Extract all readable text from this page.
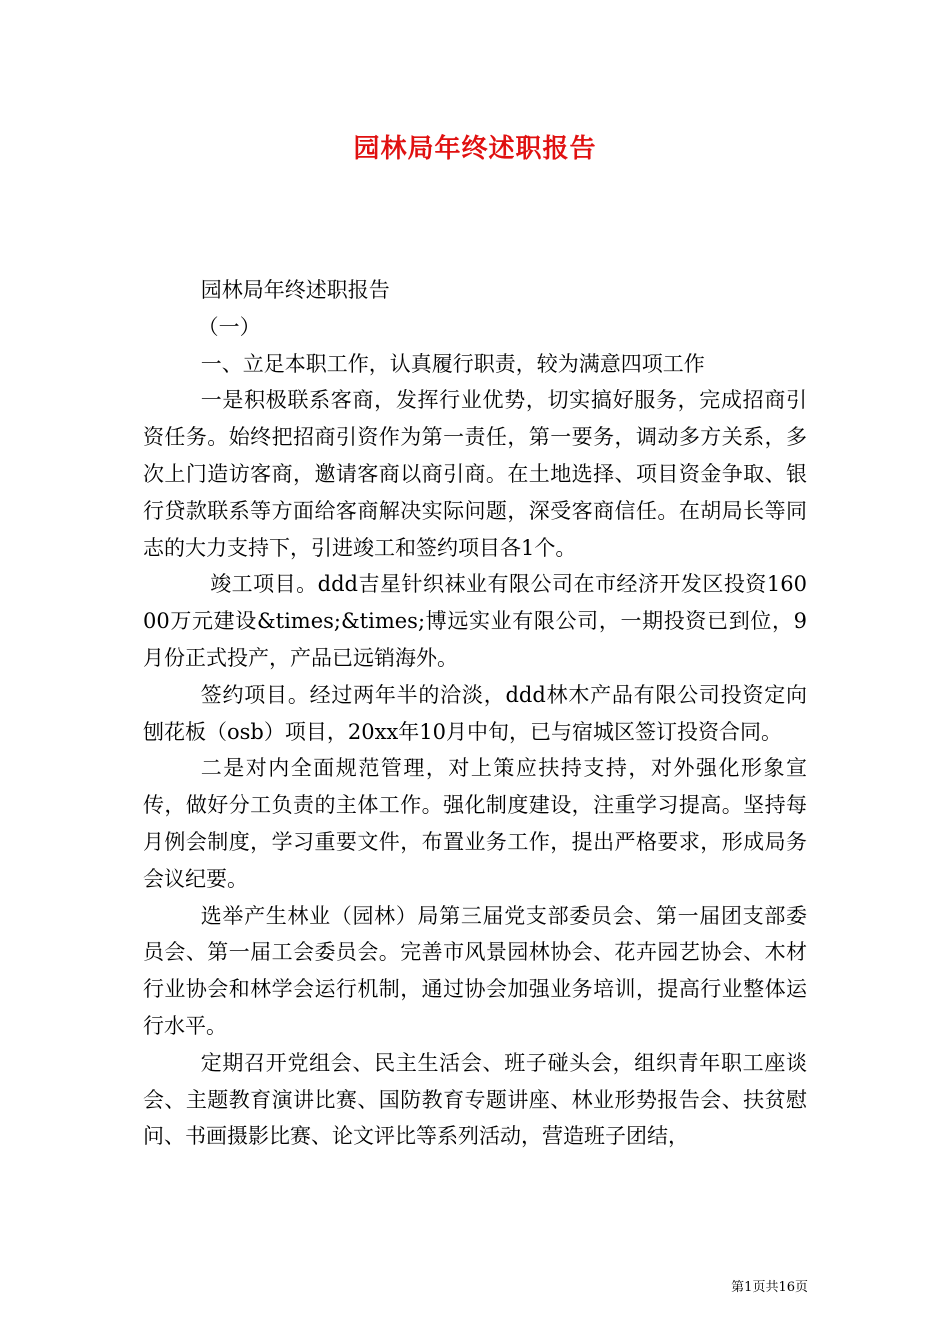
园林局年终述职报告

园林局年终述职报告

（一）

一、立足本职工作，认真履行职责，较为满意四项工作

一是积极联系客商，发挥行业优势，切实搞好服务，完成招商引资任务。始终把招商引资作为第一责任，第一要务，调动多方关系，多次上门造访客商，邀请客商以商引商。在土地选择、项目资金争取、银行贷款联系等方面给客商解决实际问题，深受客商信任。在胡局长等同志的大力支持下，引进竣工和签约项目各1个。

竣工项目。ddd吉星针织袜业有限公司在市经济开发区投资16000万元建设&times;&times;博远实业有限公司，一期投资已到位，9月份正式投产，产品已远销海外。

签约项目。经过两年半的洽淡，ddd林木产品有限公司投资定向刨花板（osb）项目，20xx年10月中旬，已与宿城区签订投资合同。

二是对内全面规范管理，对上策应扶持支持，对外强化形象宣传，做好分工负责的主体工作。强化制度建设，注重学习提高。坚持每月例会制度，学习重要文件，布置业务工作，提出严格要求，形成局务会议纪要。

选举产生林业（园林）局第三届党支部委员会、第一届团支部委员会、第一届工会委员会。完善市风景园林协会、花卉园艺协会、木材行业协会和林学会运行机制，通过协会加强业务培训，提高行业整体运行水平。

定期召开党组会、民主生活会、班子碰头会，组织青年职工座谈会、主题教育演讲比赛、国防教育专题讲座、林业形势报告会、扶贫慰问、书画摄影比赛、论文评比等系列活动，营造班子团结，

第1页共16页
